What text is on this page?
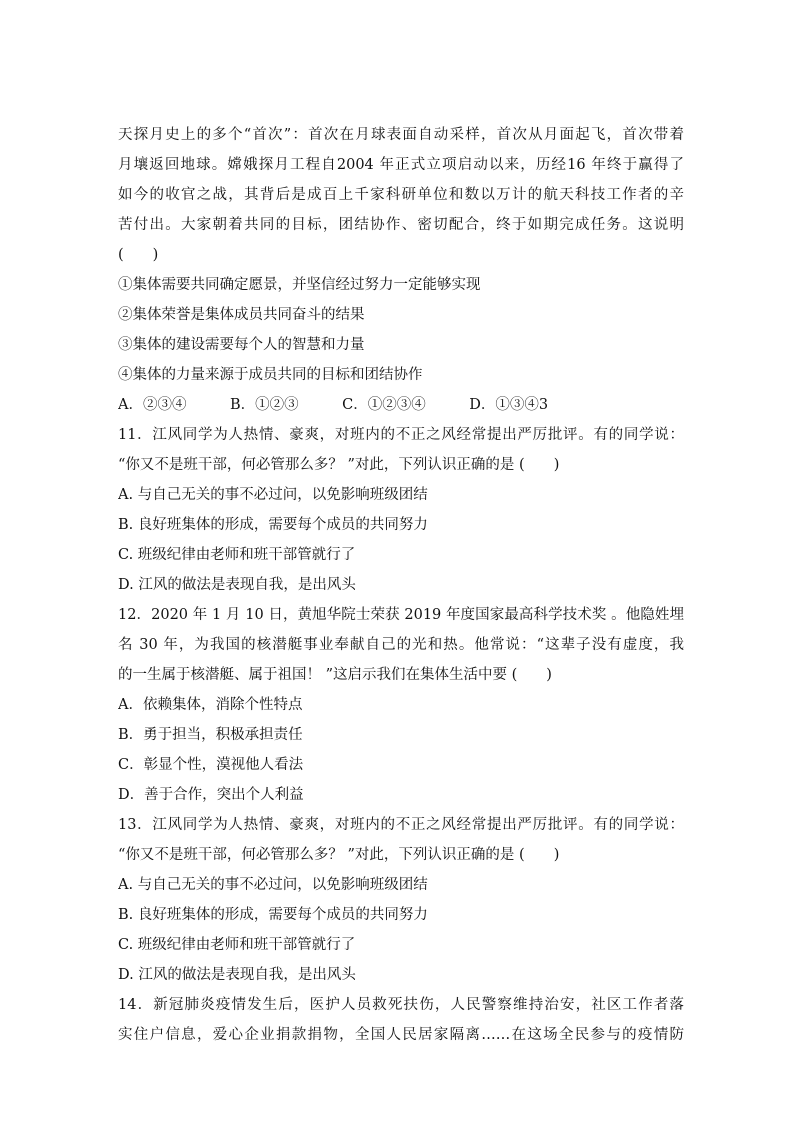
天探月史上的多个“首次”：首次在月球表面自动采样，首次从月面起飞，首次带着
月壤返回地球。嫦娥探月工程自2004 年正式立项启动以来，历经16 年终于赢得了
如今的收官之战，其背后是成百上千家科研单位和数以万计的航天科技工作者的辛
苦付出。大家朝着共同的目标，团结协作、密切配合，终于如期完成任务。这说明
(　　)
①集体需要共同确定愿景，并坚信经过努力一定能够实现
②集体荣誉是集体成员共同奋斗的结果
③集体的建设需要每个人的智慧和力量
④集体的力量来源于成员共同的目标和团结协作
A．②③④　　　B．①②③　　　C．①②③④　　　D．①③④3
11．江风同学为人热情、豪爽，对班内的不正之风经常提出严厉批评。有的同学说：
“你又不是班干部，何必管那么多？ ”对此，下列认识正确的是 (　　)
A. 与自己无关的事不必过问，以免影响班级团结
B. 良好班集体的形成，需要每个成员的共同努力
C. 班级纪律由老师和班干部管就行了
D. 江风的做法是表现自我，是出风头
12．2020 年 1 月 10 日，黄旭华院士荣获 2019 年度国家最高科学技术奖 。他隐姓埋
名 30 年，为我国的核潜艇事业奉献自己的光和热。他常说：“这辈子没有虚度，我
的一生属于核潜艇、属于祖国！ ”这启示我们在集体生活中要 (　　)
A．依赖集体，消除个性特点
B．勇于担当，积极承担责任
C．彰显个性，漠视他人看法
D．善于合作，突出个人利益
13．江风同学为人热情、豪爽，对班内的不正之风经常提出严厉批评。有的同学说：
“你又不是班干部，何必管那么多？ ”对此，下列认识正确的是 (　　)
A. 与自己无关的事不必过问，以免影响班级团结
B. 良好班集体的形成，需要每个成员的共同努力
C. 班级纪律由老师和班干部管就行了
D. 江风的做法是表现自我，是出风头
14．新冠肺炎疫情发生后，医护人员救死扶伤，人民警察维持治安，社区工作者落
实住户信息，爱心企业捐款捐物，全国人民居家隔离……在这场全民参与的疫情防
